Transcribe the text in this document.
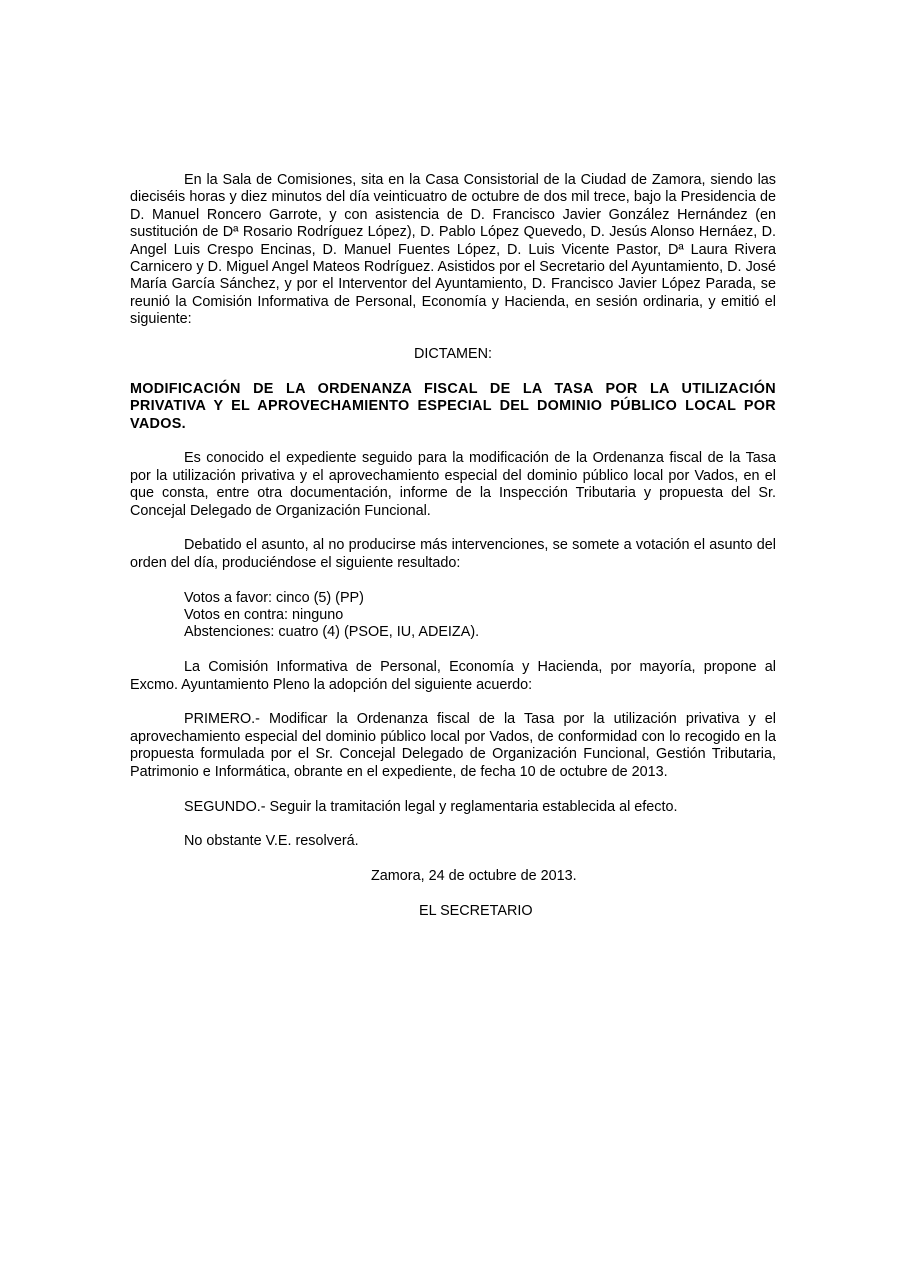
En la Sala de Comisiones, sita en la Casa Consistorial de la Ciudad de Zamora, siendo las dieciséis horas y diez minutos del día veinticuatro de octubre de dos mil trece, bajo la Presidencia de D. Manuel Roncero Garrote, y con asistencia de D. Francisco Javier González Hernández (en sustitución de Dª Rosario Rodríguez López), D. Pablo López Quevedo, D. Jesús Alonso Hernáez, D. Angel Luis Crespo Encinas, D. Manuel Fuentes López, D. Luis Vicente Pastor, Dª Laura Rivera Carnicero y D. Miguel Angel Mateos Rodríguez. Asistidos por el Secretario del Ayuntamiento, D. José María García Sánchez, y por el Interventor del Ayuntamiento, D. Francisco Javier López Parada, se reunió la Comisión Informativa de Personal, Economía y Hacienda, en sesión ordinaria, y emitió el siguiente:

DICTAMEN:

MODIFICACIÓN DE LA ORDENANZA FISCAL DE LA TASA POR LA UTILIZACIÓN PRIVATIVA Y EL APROVECHAMIENTO ESPECIAL DEL DOMINIO PÚBLICO LOCAL POR VADOS.

Es conocido el expediente seguido para la modificación de la Ordenanza fiscal de la Tasa por la utilización privativa y el aprovechamiento especial del dominio público local por Vados, en el que consta, entre otra documentación, informe de la Inspección Tributaria y propuesta del Sr. Concejal Delegado de Organización Funcional.

Debatido el asunto, al no producirse más intervenciones, se somete a votación el asunto del orden del día, produciéndose el siguiente resultado:

Votos a favor: cinco (5) (PP)
Votos en contra: ninguno
Abstenciones: cuatro (4) (PSOE, IU, ADEIZA).

La Comisión Informativa de Personal, Economía y Hacienda, por mayoría, propone al Excmo. Ayuntamiento Pleno la adopción del siguiente acuerdo:

PRIMERO.- Modificar la Ordenanza fiscal de la Tasa por la utilización privativa y el aprovechamiento especial del dominio público local por Vados, de conformidad con lo recogido en la propuesta formulada por el Sr. Concejal Delegado de Organización Funcional, Gestión Tributaria, Patrimonio e Informática, obrante en el expediente, de fecha 10 de octubre de 2013.

SEGUNDO.- Seguir la tramitación legal y reglamentaria establecida al efecto.

No obstante V.E. resolverá.

Zamora, 24 de octubre de 2013.

EL SECRETARIO
